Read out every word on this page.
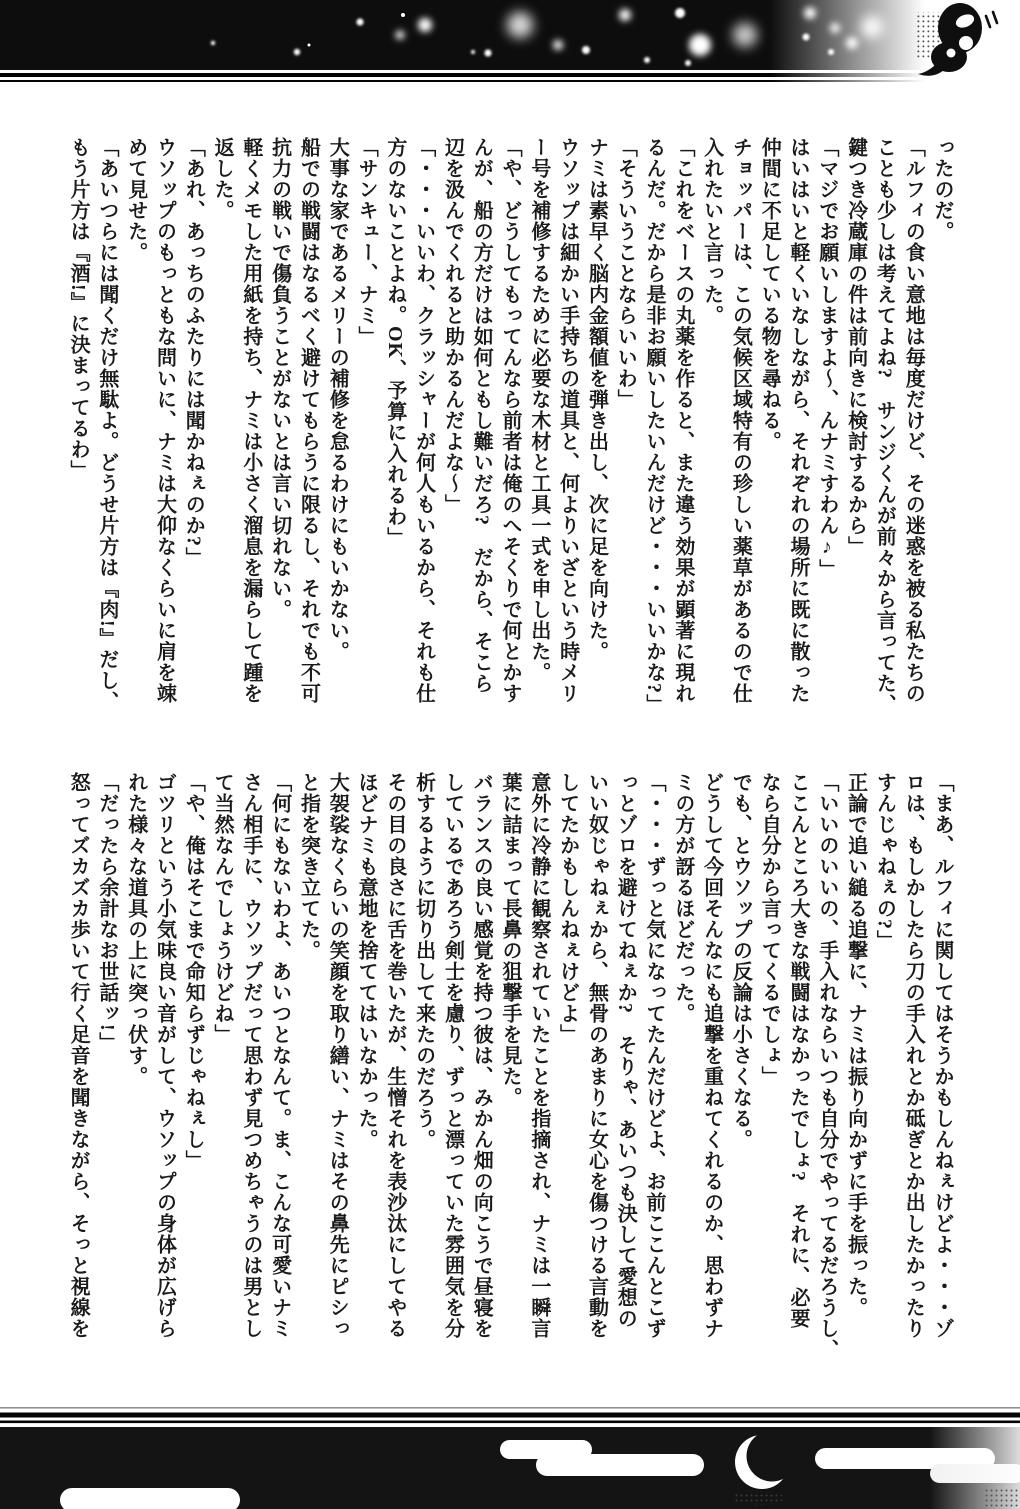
ったのだ。

「ルフィの食い意地は毎度だけど、その迷惑を被る私たちの

ことも少しは考えてよね?　サンジくんが前々から言ってた、

鍵つき冷蔵庫の件は前向きに検討するから」

「マジでお願いしますよ〜、んナミすわん♪」

はいはいと軽くいなしながら、それぞれの場所に既に散った

仲間に不足している物を尋ねる。

チョッパーは、この気候区域特有の珍しい薬草があるので仕

入れたいと言った。

「これをベースの丸薬を作ると、また違う効果が顕著に現れ

るんだ。だから是非お願いしたいんだけど・・・いいかな?」

「そういうことならいいわ」

ナミは素早く脳内金額値を弾き出し、次に足を向けた。

ウソップは細かい手持ちの道具と、何よりいざという時メリ

ー号を補修するために必要な木材と工具一式を申し出た。

「や、どうしてもってんなら前者は俺のへそくりで何とかす

んが、船の方だけは如何ともし難いだろ?　だから、そこら

辺を汲んでくれると助かるんだよな〜」

「・・・いいわ、クラッシャーが何人もいるから、それも仕

方のないことよね。OK、予算に入れるわ」

「サンキュー、ナミ」

大事な家であるメリーの補修を怠るわけにもいかない。

船での戦闘はなるべく避けてもらうに限るし、それでも不可

抗力の戦いで傷負うことがないとは言い切れない。

軽くメモした用紙を持ち、ナミは小さく溜息を漏らして踵を

返した。

「あれ、あっちのふたりには聞かねぇのか?」

ウソップのもっともな問いに、ナミは大仰なくらいに肩を竦

めて見せた。

「あいつらには聞くだけ無駄よ。どうせ片方は『肉!』だし、

もう片方は『酒!』に決まってるわ」

「まあ、ルフィに関してはそうかもしんねぇけどよ・・・ゾ

ロは、もしかしたら刀の手入れとか砥ぎとか出したかったり

すんじゃねぇの?」

正論で追い縋る追撃に、ナミは振り向かずに手を振った。

「いいのいいの、手入れならいつも自分でやってるだろうし、

ここんところ大きな戦闘はなかったでしょ?　それに、必要

なら自分から言ってくるでしょ」

でも、とウソップの反論は小さくなる。

どうして今回そんなにも追撃を重ねてくれるのか、思わずナ

ミの方が訝るほどだった。

「・・・ずっと気になってたんだけどよ、お前ここんとこず

っとゾロを避けてねぇか?　そりゃ、あいつも決して愛想の

いい奴じゃねぇから、無骨のあまりに女心を傷つける言動を

してたかもしんねぇけどよ」

意外に冷静に観察されていたことを指摘され、ナミは一瞬言

葉に詰まって長鼻の狙撃手を見た。

バランスの良い感覚を持つ彼は、みかん畑の向こうで昼寝を

しているであろう剣士を慮り、ずっと漂っていた雰囲気を分

析するように切り出して来たのだろう。

その目の良さに舌を巻いたが、生憎それを表沙汰にしてやる

ほどナミも意地を捨ててはいなかった。

大袈裟なくらいの笑顔を取り繕い、ナミはその鼻先にピシっ

と指を突き立てた。

「何にもないわよ、あいつとなんて。ま、こんな可愛いナミ

さん相手に、ウソップだって思わず見つめちゃうのは男とし

て当然なんでしょうけどね」

「や、俺はそこまで命知らずじゃねぇし」

ゴツリという小気味良い音がして、ウソップの身体が広げら

れた様々な道具の上に突っ伏す。

「だったら余計なお世話ッ!」

怒ってズカズカ歩いて行く足音を聞きながら、そっと視線を
